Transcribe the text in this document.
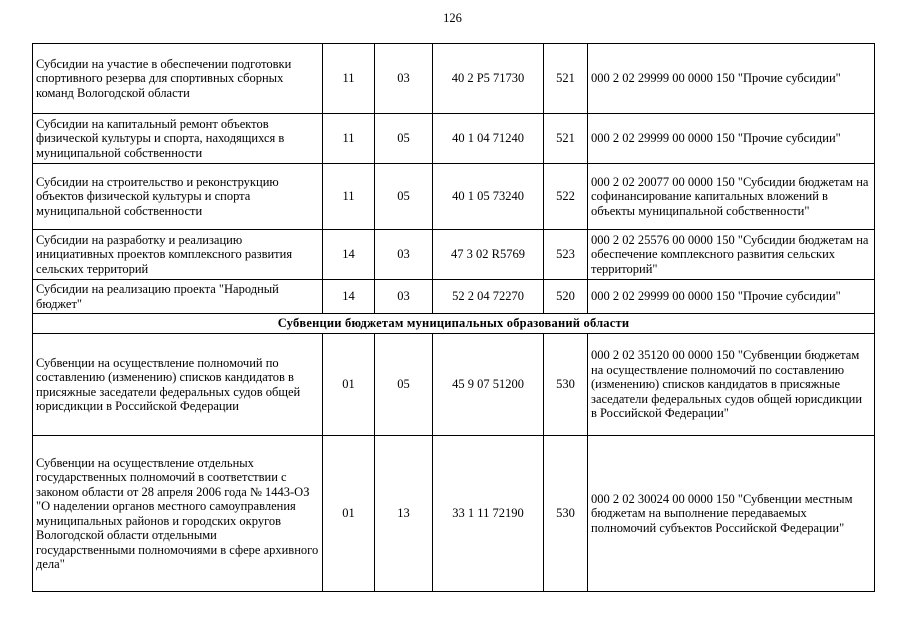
126
Субсидии на участие в обеспечении подготовки спортивного резерва для спортивных сборных команд Вологодской области	11	03	40 2 P5 71730	521	000 2 02 29999 00 0000 150 "Прочие субсидии"
Субсидии на капитальный ремонт объектов физической культуры и спорта, находящихся в муниципальной собственности	11	05	40 1 04 71240	521	000 2 02 29999 00 0000 150 "Прочие субсидии"
Субсидии на строительство и реконструкцию объектов физической культуры и спорта муниципальной собственности	11	05	40 1 05 73240	522	000 2 02 20077 00 0000 150 "Субсидии бюджетам на софинансирование капитальных вложений в объекты муниципальной собственности"
Субсидии на разработку и реализацию инициативных проектов комплексного развития сельских территорий	14	03	47 3 02 R5769	523	000 2 02 25576 00 0000 150 "Субсидии бюджетам на обеспечение комплексного развития сельских территорий"
Субсидии на реализацию проекта "Народный бюджет"	14	03	52 2 04 72270	520	000 2 02 29999 00 0000 150 "Прочие субсидии"
Субвенции бюджетам муниципальных образований области					
Субвенции на осуществление полномочий по составлению (изменению) списков кандидатов в присяжные заседатели федеральных судов общей юрисдикции в Российской Федерации	01	05	45 9 07 51200	530	000 2 02 35120 00 0000 150 "Субвенции бюджетам на осуществление полномочий по составлению (изменению) списков кандидатов в присяжные заседатели федеральных судов общей юрисдикции в Российской Федерации"
Субвенции на осуществление отдельных государственных полномочий в соответствии с законом области от 28 апреля 2006 года № 1443-ОЗ "О наделении органов местного самоуправления муниципальных районов и городских округов Вологодской области отдельными государственными полномочиями в сфере архивного дела"	01	13	33 1 11 72190	530	000 2 02 30024 00 0000 150 "Субвенции местным бюджетам на выполнение передаваемых полномочий субъектов Российской Федерации"
